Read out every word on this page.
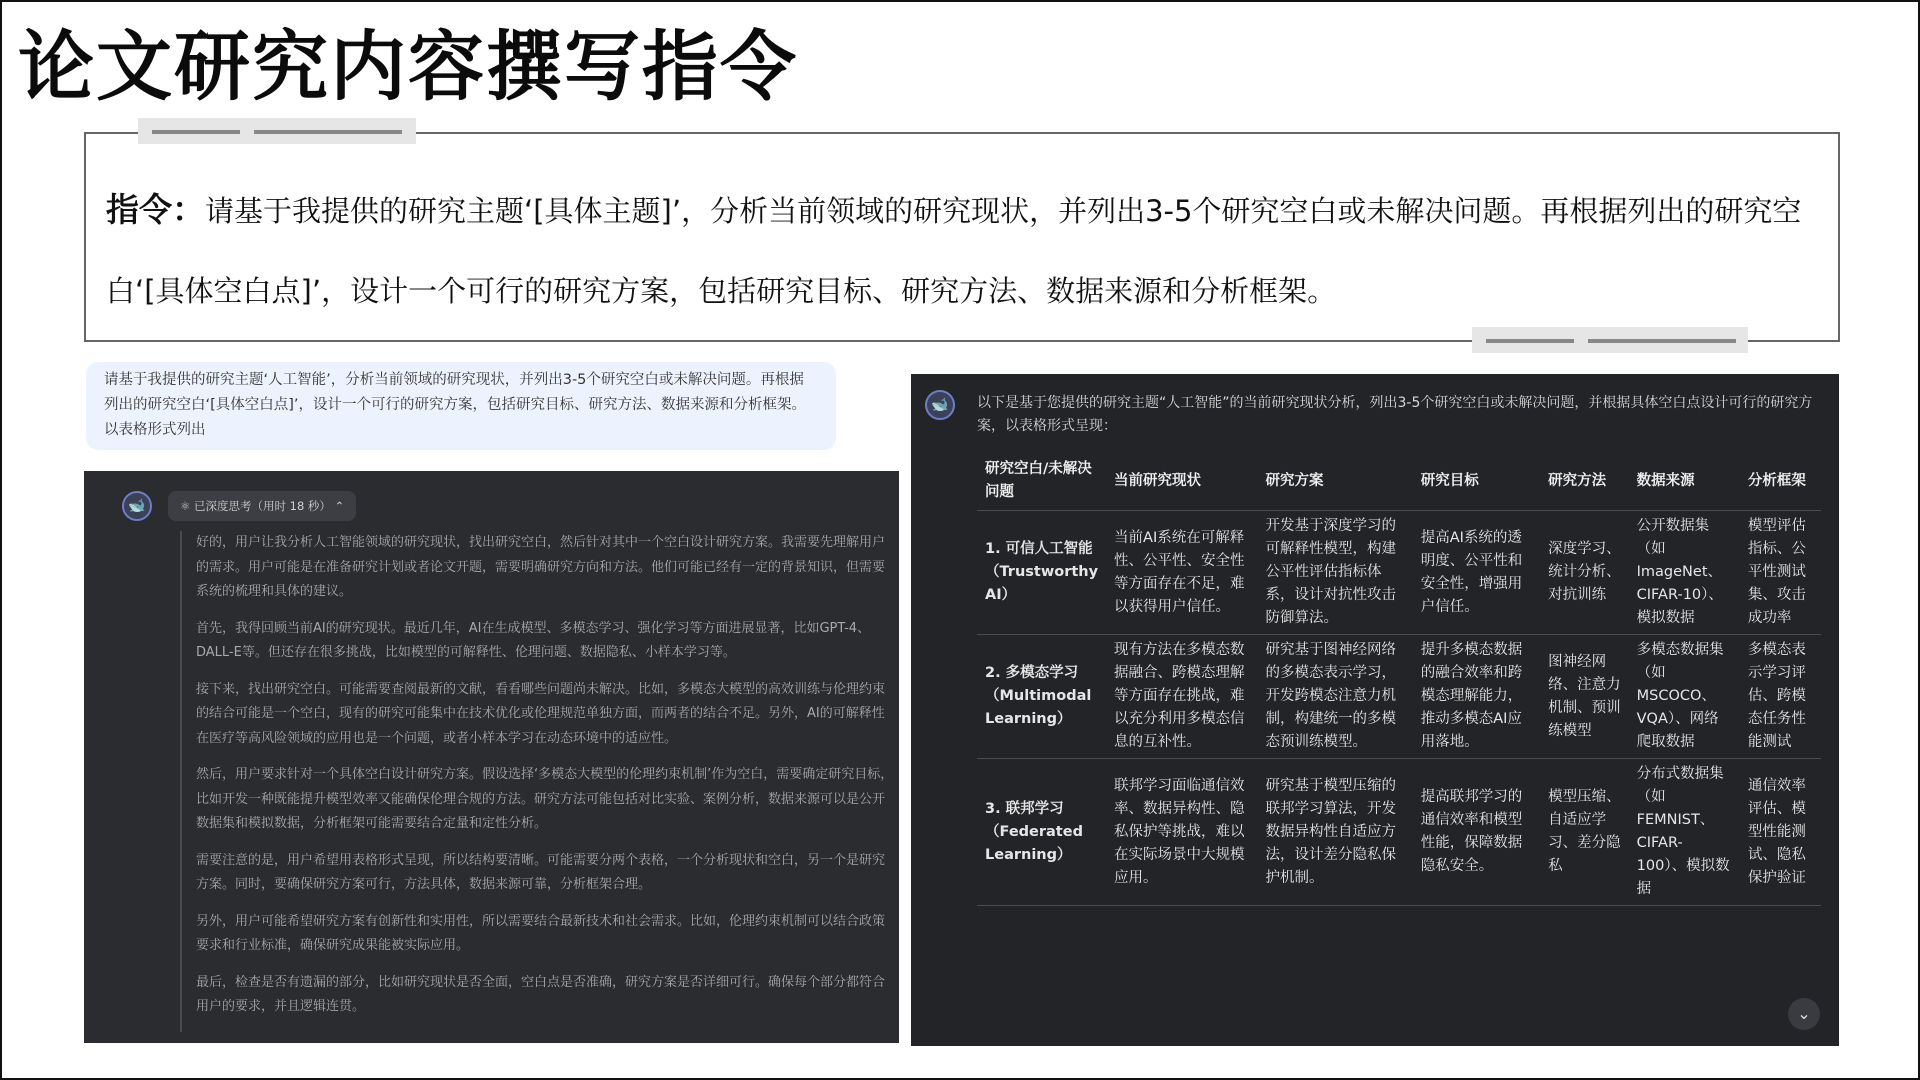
论文研究内容撰写指令
指令：请基于我提供的研究主题‘[具体主题]’，分析当前领域的研究现状，并列出3-5个研究空白或未解决问题。再根据列出的研究空白‘[具体空白点]’，设计一个可行的研究方案，包括研究目标、研究方法、数据来源和分析框架。
请基于我提供的研究主题‘人工智能’，分析当前领域的研究现状，并列出3-5个研究空白或未解决问题。再根据列出的研究空白‘[具体空白点]’，设计一个可行的研究方案，包括研究目标、研究方法、数据来源和分析框架。以表格形式列出
🐋	⚛ 已深度思考（用时 18 秒） ⌃

好的，用户让我分析人工智能领域的研究现状，找出研究空白，然后针对其中一个空白设计研究方案。我需要先理解用户的需求。用户可能是在准备研究计划或者论文开题，需要明确研究方向和方法。他们可能已经有一定的背景知识，但需要系统的梳理和具体的建议。

首先，我得回顾当前AI的研究现状。最近几年，AI在生成模型、多模态学习、强化学习等方面进展显著，比如GPT-4、DALL-E等。但还存在很多挑战，比如模型的可解释性、伦理问题、数据隐私、小样本学习等。

接下来，找出研究空白。可能需要查阅最新的文献，看看哪些问题尚未解决。比如，多模态大模型的高效训练与伦理约束的结合可能是一个空白，现有的研究可能集中在技术优化或伦理规范单独方面，而两者的结合不足。另外，AI的可解释性在医疗等高风险领域的应用也是一个问题，或者小样本学习在动态环境中的适应性。

然后，用户要求针对一个具体空白设计研究方案。假设选择‘多模态大模型的伦理约束机制’作为空白，需要确定研究目标，比如开发一种既能提升模型效率又能确保伦理合规的方法。研究方法可能包括对比实验、案例分析，数据来源可以是公开数据集和模拟数据，分析框架可能需要结合定量和定性分析。

需要注意的是，用户希望用表格形式呈现，所以结构要清晰。可能需要分两个表格，一个分析现状和空白，另一个是研究方案。同时，要确保研究方案可行，方法具体，数据来源可靠，分析框架合理。

另外，用户可能希望研究方案有创新性和实用性，所以需要结合最新技术和社会需求。比如，伦理约束机制可以结合政策要求和行业标准，确保研究成果能被实际应用。

最后，检查是否有遗漏的部分，比如研究现状是否全面，空白点是否准确，研究方案是否详细可行。确保每个部分都符合用户的要求，并且逻辑连贯。

🐋	以下是基于您提供的研究主题“人工智能”的当前研究现状分析，列出3-5个研究空白或未解决问题，并根据具体空白点设计可行的研究方案，以表格形式呈现：
研究空白/未解决问题	当前研究现状	研究方案	研究目标	研究方法	数据来源	分析框架
1. 可信人工智能（Trustworthy AI）	当前AI系统在可解释性、公平性、安全性等方面存在不足，难以获得用户信任。	开发基于深度学习的可解释性模型，构建公平性评估指标体系，设计对抗性攻击防御算法。	提高AI系统的透明度、公平性和安全性，增强用户信任。	深度学习、统计分析、对抗训练	公开数据集（如ImageNet、CIFAR-10）、模拟数据	模型评估指标、公平性测试集、攻击成功率
2. 多模态学习（Multimodal Learning）	现有方法在多模态数据融合、跨模态理解等方面存在挑战，难以充分利用多模态信息的互补性。	研究基于图神经网络的多模态表示学习，开发跨模态注意力机制，构建统一的多模态预训练模型。	提升多模态数据的融合效率和跨模态理解能力，推动多模态AI应用落地。	图神经网络、注意力机制、预训练模型	多模态数据集（如MSCOCO、VQA）、网络爬取数据	多模态表示学习评估、跨模态任务性能测试
3. 联邦学习（Federated Learning）	联邦学习面临通信效率、数据异构性、隐私保护等挑战，难以在实际场景中大规模应用。	研究基于模型压缩的联邦学习算法，开发数据异构性自适应方法，设计差分隐私保护机制。	提高联邦学习的通信效率和模型性能，保障数据隐私安全。	模型压缩、自适应学习、差分隐私	分布式数据集（如FEMNIST、CIFAR-100）、模拟数据	通信效率评估、模型性能测试、隐私保护验证
⌄
